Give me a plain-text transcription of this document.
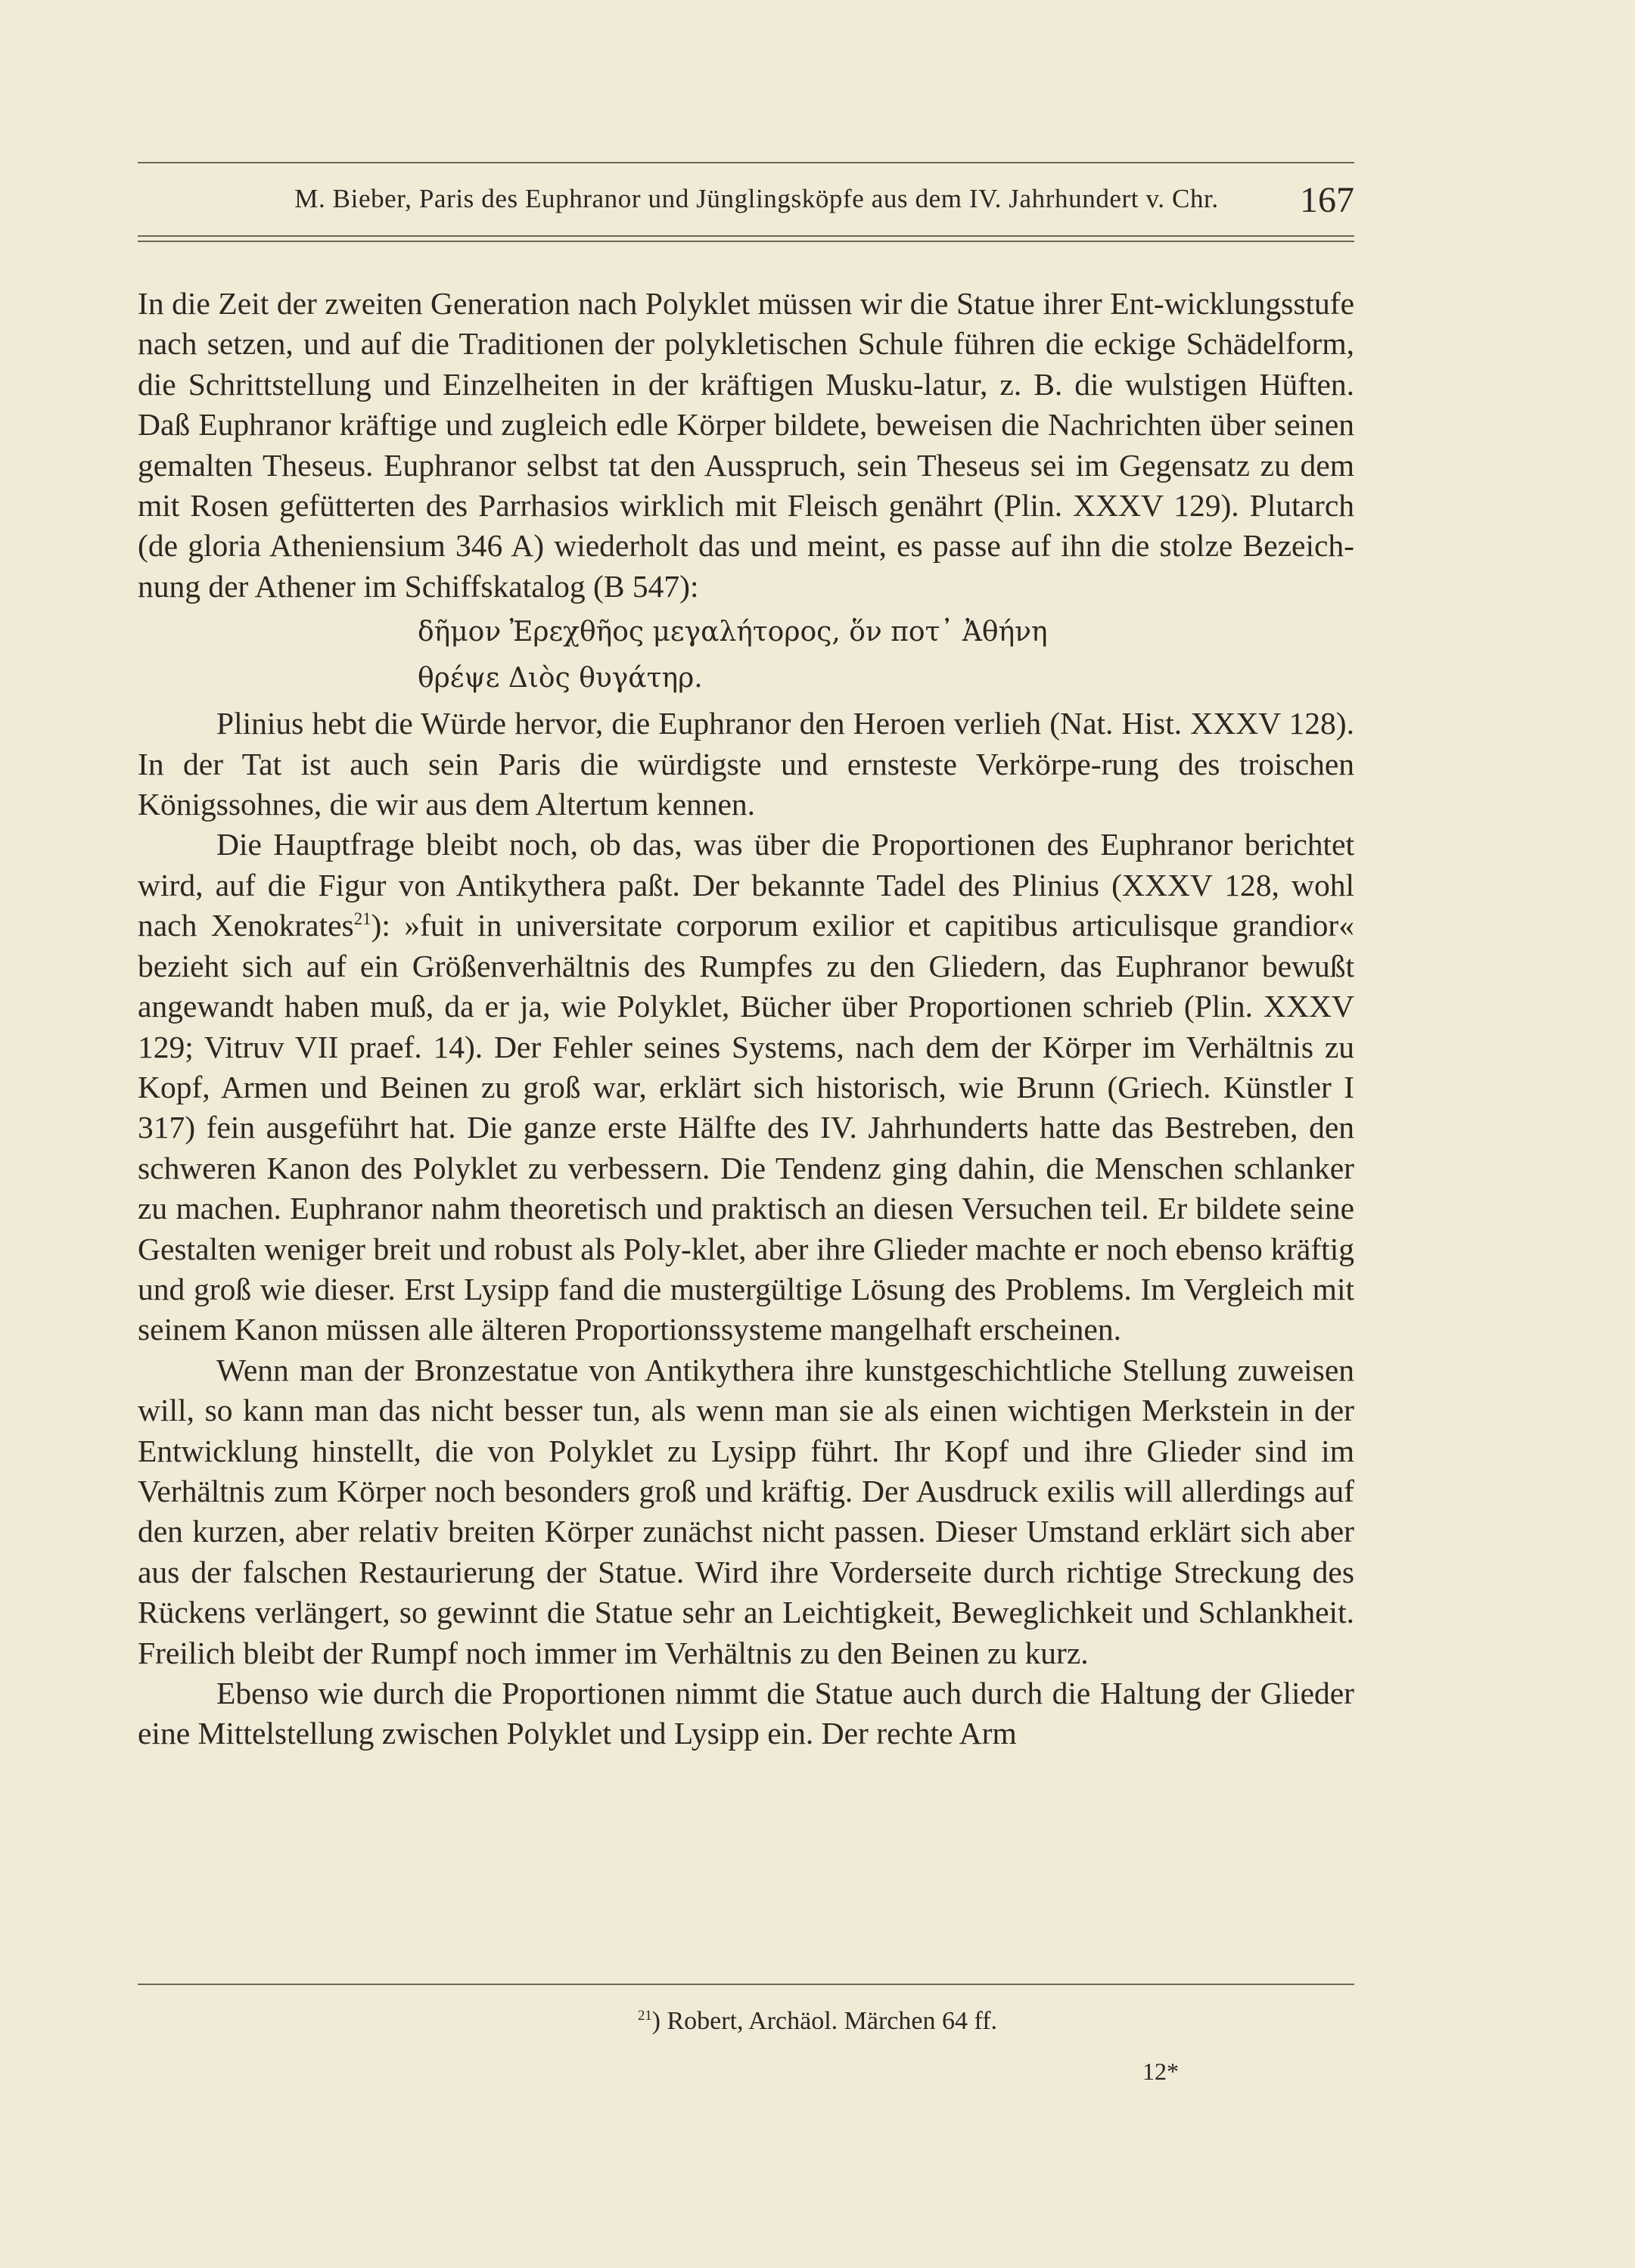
M. Bieber, Paris des Euphranor und Jünglingsköpfe aus dem IV. Jahrhundert v. Chr.	167

In die Zeit der zweiten Generation nach Polyklet müssen wir die Statue ihrer Ent-wicklungsstufe nach setzen, und auf die Traditionen der polykletischen Schule führen die eckige Schädelform, die Schrittstellung und Einzelheiten in der kräftigen Musku-latur, z. B. die wulstigen Hüften. Daß Euphranor kräftige und zugleich edle Körper bildete, beweisen die Nachrichten über seinen gemalten Theseus. Euphranor selbst tat den Ausspruch, sein Theseus sei im Gegensatz zu dem mit Rosen gefütterten des Parrhasios wirklich mit Fleisch genährt (Plin. XXXV 129). Plutarch (de gloria Atheniensium 346 A) wiederholt das und meint, es passe auf ihn die stolze Bezeich-nung der Athener im Schiffskatalog (B 547):

δῆμον Ἐρεχθῆος μεγαλήτορος, ὅν ποτ᾽ Ἀθήνη

θρέψε Διὸς θυγάτηρ.

Plinius hebt die Würde hervor, die Euphranor den Heroen verlieh (Nat. Hist. XXXV 128). In der Tat ist auch sein Paris die würdigste und ernsteste Verkörpe-rung des troischen Königssohnes, die wir aus dem Altertum kennen.

Die Hauptfrage bleibt noch, ob das, was über die Proportionen des Euphranor berichtet wird, auf die Figur von Antikythera paßt. Der bekannte Tadel des Plinius (XXXV 128, wohl nach Xenokrates$^{21}$): »fuit in universitate corporum exilior et capitibus articulisque grandior« bezieht sich auf ein Größenverhältnis des Rumpfes zu den Gliedern, das Euphranor bewußt angewandt haben muß, da er ja, wie Polyklet, Bücher über Proportionen schrieb (Plin. XXXV 129; Vitruv VII praef. 14). Der Fehler seines Systems, nach dem der Körper im Verhältnis zu Kopf, Armen und Beinen zu groß war, erklärt sich historisch, wie Brunn (Griech. Künstler I 317) fein ausgeführt hat. Die ganze erste Hälfte des IV. Jahrhunderts hatte das Bestreben, den schweren Kanon des Polyklet zu verbessern. Die Tendenz ging dahin, die Menschen schlanker zu machen. Euphranor nahm theoretisch und praktisch an diesen Versuchen teil. Er bildete seine Gestalten weniger breit und robust als Poly-klet, aber ihre Glieder machte er noch ebenso kräftig und groß wie dieser. Erst Lysipp fand die mustergültige Lösung des Problems. Im Vergleich mit seinem Kanon müssen alle älteren Proportionssysteme mangelhaft erscheinen.

Wenn man der Bronzestatue von Antikythera ihre kunstgeschichtliche Stellung zuweisen will, so kann man das nicht besser tun, als wenn man sie als einen wichtigen Merkstein in der Entwicklung hinstellt, die von Polyklet zu Lysipp führt. Ihr Kopf und ihre Glieder sind im Verhältnis zum Körper noch besonders groß und kräftig. Der Ausdruck exilis will allerdings auf den kurzen, aber relativ breiten Körper zunächst nicht passen. Dieser Umstand erklärt sich aber aus der falschen Restaurierung der Statue. Wird ihre Vorderseite durch richtige Streckung des Rückens verlängert, so gewinnt die Statue sehr an Leichtigkeit, Beweglichkeit und Schlankheit. Freilich bleibt der Rumpf noch immer im Verhältnis zu den Beinen zu kurz.

Ebenso wie durch die Proportionen nimmt die Statue auch durch die Haltung der Glieder eine Mittelstellung zwischen Polyklet und Lysipp ein. Der rechte Arm

$^{21}$) Robert, Archäol. Märchen 64 ff.
12*
